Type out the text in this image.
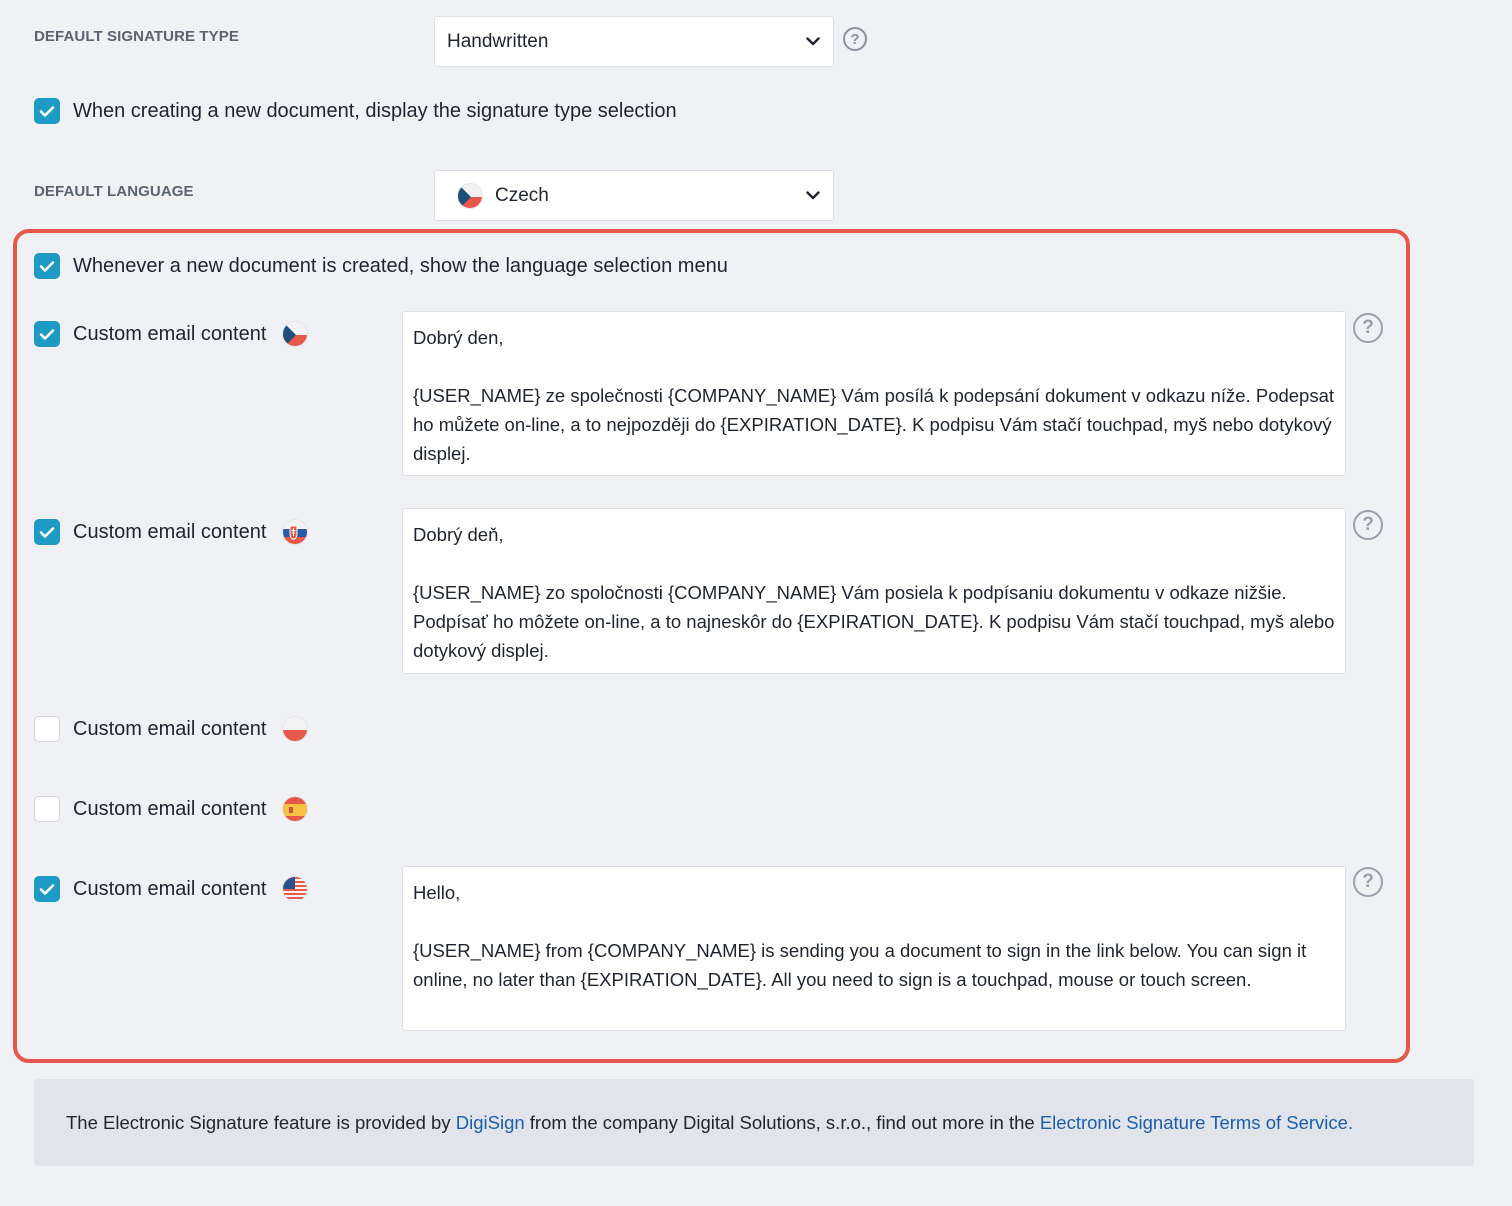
DEFAULT SIGNATURE TYPE	Handwritten	?
When creating a new document, display the signature type selection
DEFAULT LANGUAGE	Czech
Whenever a new document is created, show the language selection menu
Custom email content	Dobrý den,

{USER_NAME} ze společnosti {COMPANY_NAME} Vám posílá k podepsání dokument v odkazu níže. Podepsat ho můžete on-line, a to nejpozději do {EXPIRATION_DATE}. K podpisu Vám stačí touchpad, myš nebo dotykový displej.
?
Custom email content	Dobrý deň,

{USER_NAME} zo spoločnosti {COMPANY_NAME} Vám posiela k podpísaniu dokumentu v odkaze nižšie. Podpísať ho môžete on-line, a to najneskôr do {EXPIRATION_DATE}. K podpisu Vám stačí touchpad, myš alebo dotykový displej.
?
Custom email content
Custom email content
Custom email content	Hello,

{USER_NAME} from {COMPANY_NAME} is sending you a document to sign in the link below. You can sign it online, no later than {EXPIRATION_DATE}. All you need to sign is a touchpad, mouse or touch screen.
?
The Electronic Signature feature is provided by DigiSign from the company Digital Solutions, s.r.o., find out more in the Electronic Signature Terms of Service.
